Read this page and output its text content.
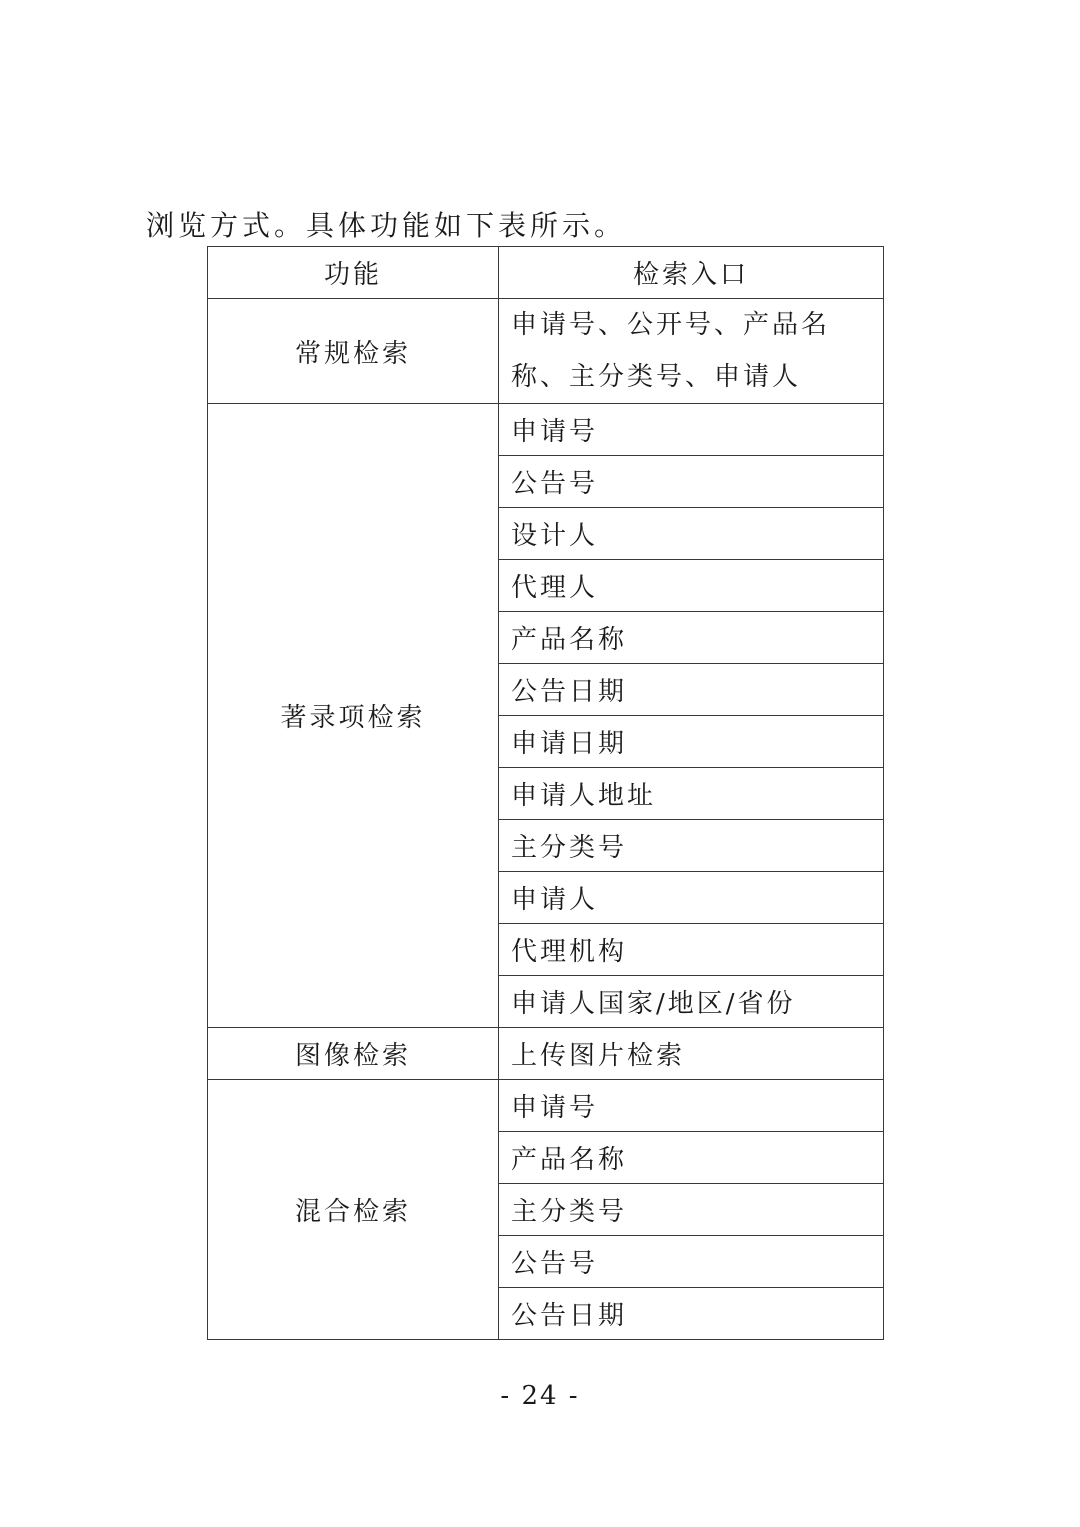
浏览方式。具体功能如下表所示。
功能	检索入口
常规检索	申请号、公开号、产品名称、主分类号、申请人
著录项检索	申请号
	公告号
	设计人
	代理人
	产品名称
	公告日期
	申请日期
	申请人地址
	主分类号
	申请人
	代理机构
	申请人国家/地区/省份
图像检索	上传图片检索
混合检索	申请号
	产品名称
	主分类号
	公告号
	公告日期
- 24 -
